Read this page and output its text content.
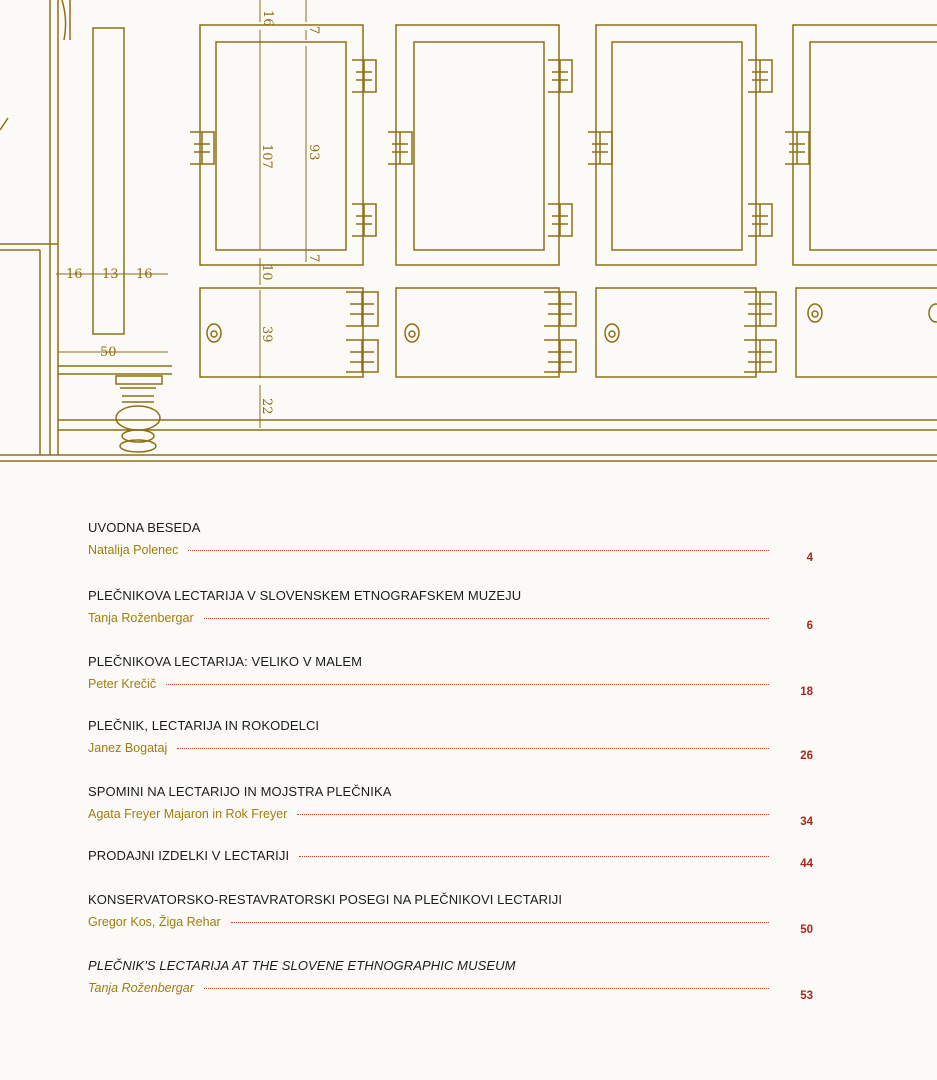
16
7
107 93
7
10
39
22
16 13 16
50
UVODNA BESEDA
Natalija Polenec
4
PLEČNIKOVA LECTARIJA V SLOVENSKEM ETNOGRAFSKEM MUZEJU
Tanja Roženbergar
6
PLEČNIKOVA LECTARIJA: VELIKO V MALEM
Peter Krečič
18
PLEČNIK, LECTARIJA IN ROKODELCI
Janez Bogataj
26
SPOMINI NA LECTARIJO IN MOJSTRA PLEČNIKA
Agata Freyer Majaron in Rok Freyer
34
PRODAJNI IZDELKI V LECTARIJI
44
KONSERVATORSKO-RESTAVRATORSKI POSEGI NA PLEČNIKOVI LECTARIJI
Gregor Kos, Žiga Rehar
50
PLEČNIK'S LECTARIJA AT THE SLOVENE ETHNOGRAPHIC MUSEUM
Tanja Roženbergar
53
